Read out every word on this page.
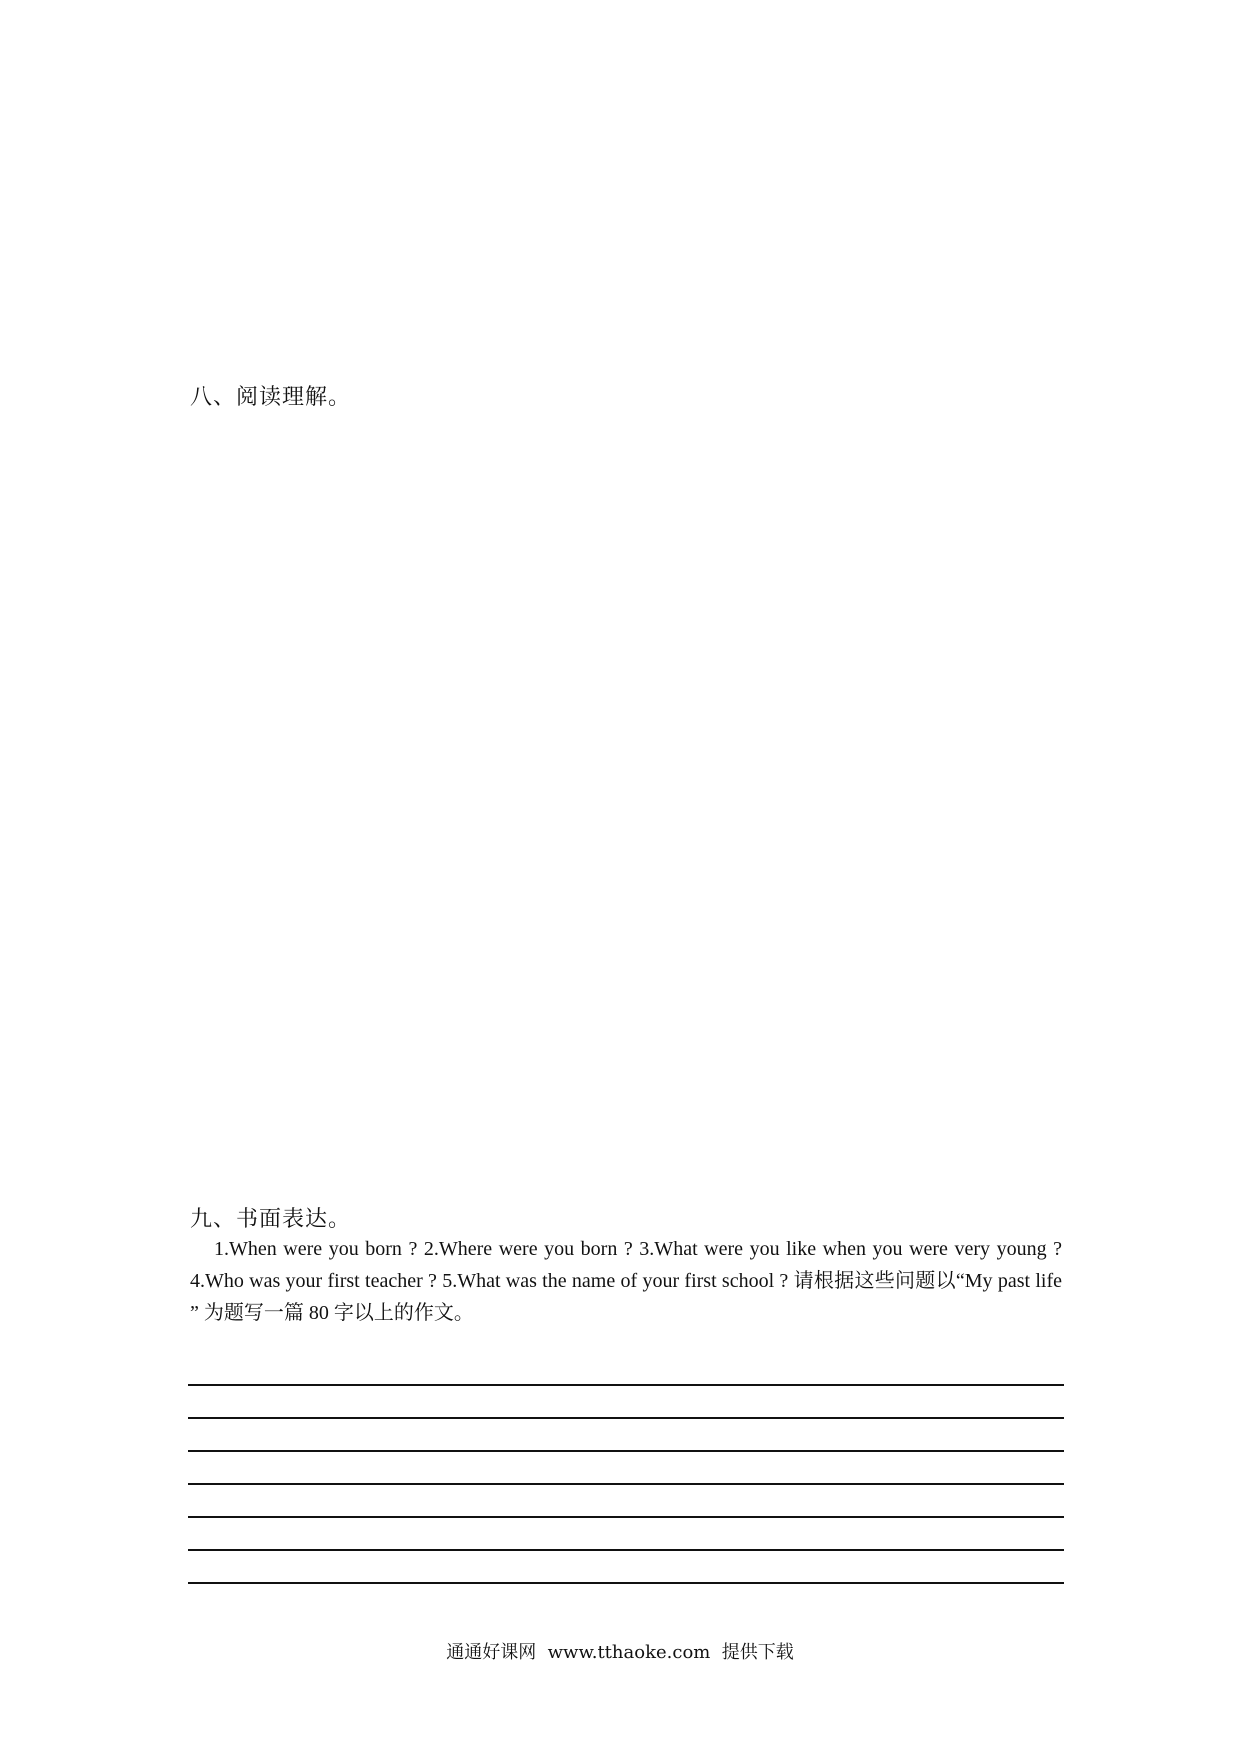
八、阅读理解。
九、书面表达。
1.When were you born ? 2.Where were you born ? 3.What were you like when you were very young ? 4.Who was your first teacher ? 5.What was the name of your first school ? 请根据这些问题以“My past life ” 为题写一篇 80 字以上的作文。
通通好课网  www.tthaoke.com  提供下载
